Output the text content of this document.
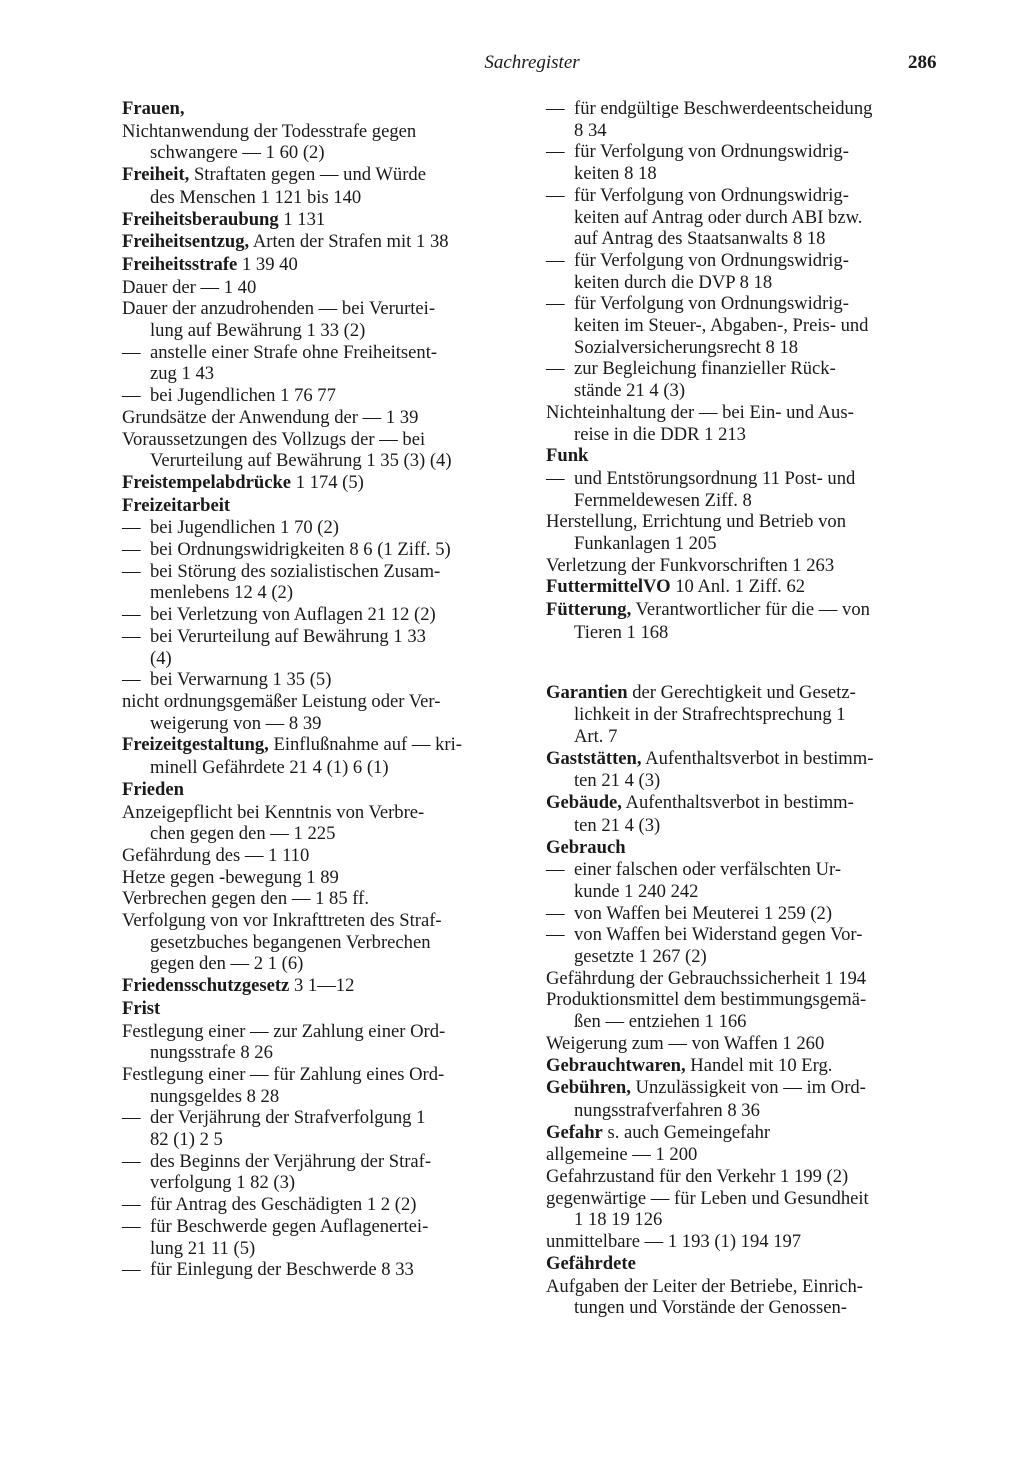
Sachregister	286
Frauen,
Nichtanwendung der Todesstrafe gegen
schwangere — 1 60 (2)
Freiheit, Straftaten gegen — und Würde
des Menschen 1 121 bis 140
Freiheitsberaubung 1 131
Freiheitsentzug, Arten der Strafen mit 1 38
Freiheitsstrafe 1 39 40
Dauer der — 1 40
Dauer der anzudrohenden — bei Verurtei-
lung auf Bewährung 1 33 (2)
— anstelle einer Strafe ohne Freiheitsent-
zug 1 43
— bei Jugendlichen 1 76 77
Grundsätze der Anwendung der — 1 39
Voraussetzungen des Vollzugs der — bei
Verurteilung auf Bewährung 1 35 (3) (4)
Freistempelabdrücke 1 174 (5)
Freizeitarbeit
— bei Jugendlichen 1 70 (2)
— bei Ordnungswidrigkeiten 8 6 (1 Ziff. 5)
— bei Störung des sozialistischen Zusam-
menlebens 12 4 (2)
— bei Verletzung von Auflagen 21 12 (2)
— bei Verurteilung auf Bewährung 1 33
(4)
— bei Verwarnung 1 35 (5)
nicht ordnungsgemäßer Leistung oder Ver-
weigerung von — 8 39
Freizeitgestaltung, Einflußnahme auf — kri-
minell Gefährdete 21 4 (1) 6 (1)
Frieden
Anzeigepflicht bei Kenntnis von Verbre-
chen gegen den — 1 225
Gefährdung des — 1 110
Hetze gegen -bewegung 1 89
Verbrechen gegen den — 1 85 ff.
Verfolgung von vor Inkrafttreten des Straf-
gesetzbuches begangenen Verbrechen
gegen den — 2 1 (6)
Friedensschutzgesetz 3 1—12
Frist
Festlegung einer — zur Zahlung einer Ord-
nungsstrafe 8 26
Festlegung einer — für Zahlung eines Ord-
nungsgeldes 8 28
— der Verjährung der Strafverfolgung 1
82 (1) 2 5
— des Beginns der Verjährung der Straf-
verfolgung 1 82 (3)
— für Antrag des Geschädigten 1 2 (2)
— für Beschwerde gegen Auflagenertei-
lung 21 11 (5)
— für Einlegung der Beschwerde 8 33
— für endgültige Beschwerdeentscheidung
8 34
— für Verfolgung von Ordnungswidrig-
keiten 8 18
— für Verfolgung von Ordnungswidrig-
keiten auf Antrag oder durch ABI bzw.
auf Antrag des Staatsanwalts 8 18
— für Verfolgung von Ordnungswidrig-
keiten durch die DVP 8 18
— für Verfolgung von Ordnungswidrig-
keiten im Steuer-, Abgaben-, Preis- und
Sozialversicherungsrecht 8 18
— zur Begleichung finanzieller Rück-
stände 21 4 (3)
Nichteinhaltung der — bei Ein- und Aus-
reise in die DDR 1 213
Funk
— und Entstörungsordnung 11 Post- und
Fernmeldewesen Ziff. 8
Herstellung, Errichtung und Betrieb von
Funkanlagen 1 205
Verletzung der Funkvorschriften 1 263
FuttermittelVO 10 Anl. 1 Ziff. 62
Fütterung, Verantwortlicher für die — von
Tieren 1 168
Garantien der Gerechtigkeit und Gesetz-
lichkeit in der Strafrechtsprechung 1
Art. 7
Gaststätten, Aufenthaltsverbot in bestimm-
ten 21 4 (3)
Gebäude, Aufenthaltsverbot in bestimm-
ten 21 4 (3)
Gebrauch
— einer falschen oder verfälschten Ur-
kunde 1 240 242
— von Waffen bei Meuterei 1 259 (2)
— von Waffen bei Widerstand gegen Vor-
gesetzte 1 267 (2)
Gefährdung der Gebrauchssicherheit 1 194
Produktionsmittel dem bestimmungsgemä-
ßen — entziehen 1 166
Weigerung zum — von Waffen 1 260
Gebrauchtwaren, Handel mit 10 Erg.
Gebühren, Unzulässigkeit von — im Ord-
nungsstrafverfahren 8 36
Gefahr s. auch Gemeingefahr
allgemeine — 1 200
Gefahrzustand für den Verkehr 1 199 (2)
gegenwärtige — für Leben und Gesundheit
1 18 19 126
unmittelbare — 1 193 (1) 194 197
Gefährdete
Aufgaben der Leiter der Betriebe, Einrich-
tungen und Vorstände der Genossen-
